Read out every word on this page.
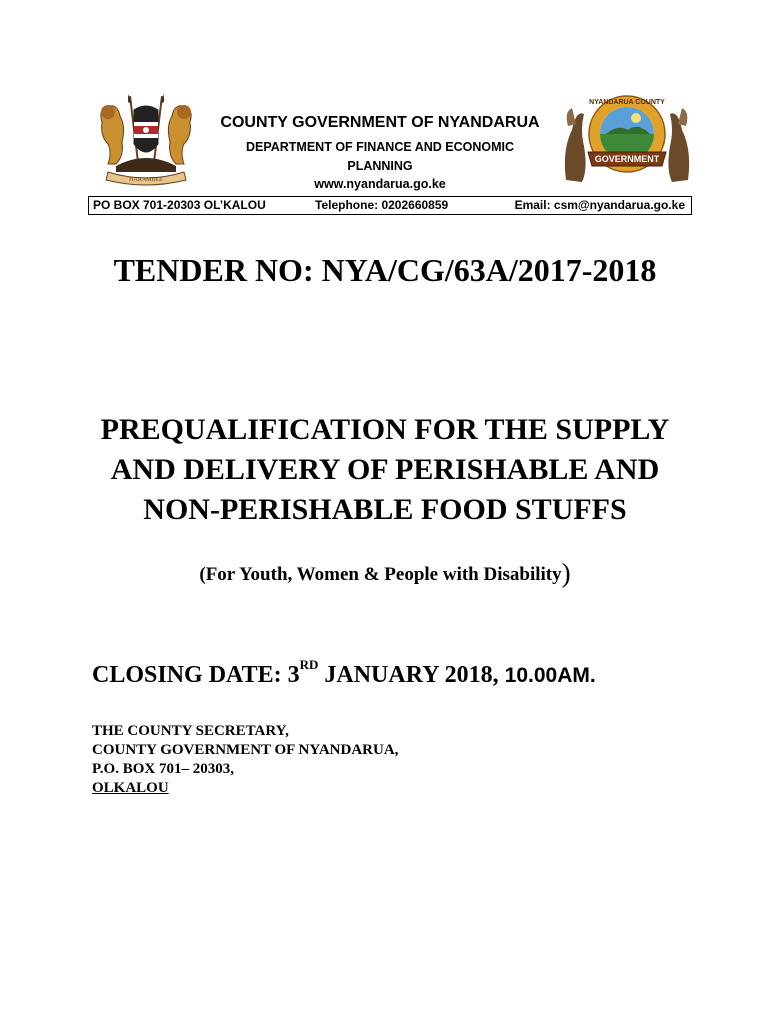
HARAMBEE
NYANDARUA COUNTY
GOVERNMENT
COUNTY GOVERNMENT OF NYANDARUA
DEPARTMENT OF FINANCE AND ECONOMIC
PLANNING
www.nyandarua.go.ke
PO BOX 701-20303 OL’KALOU	Telephone: 0202660859	Email: csm@nyandarua.go.ke
TENDER NO: NYA/CG/63A/2017-2018
PREQUALIFICATION FOR THE SUPPLY
AND DELIVERY OF PERISHABLE AND
NON-PERISHABLE FOOD STUFFS
(For Youth, Women & People with Disability)
CLOSING DATE: 3RD JANUARY 2018, 10.00AM.
THE COUNTY SECRETARY,
COUNTY GOVERNMENT OF NYANDARUA,
P.O. BOX 701– 20303,
OLKALOU
